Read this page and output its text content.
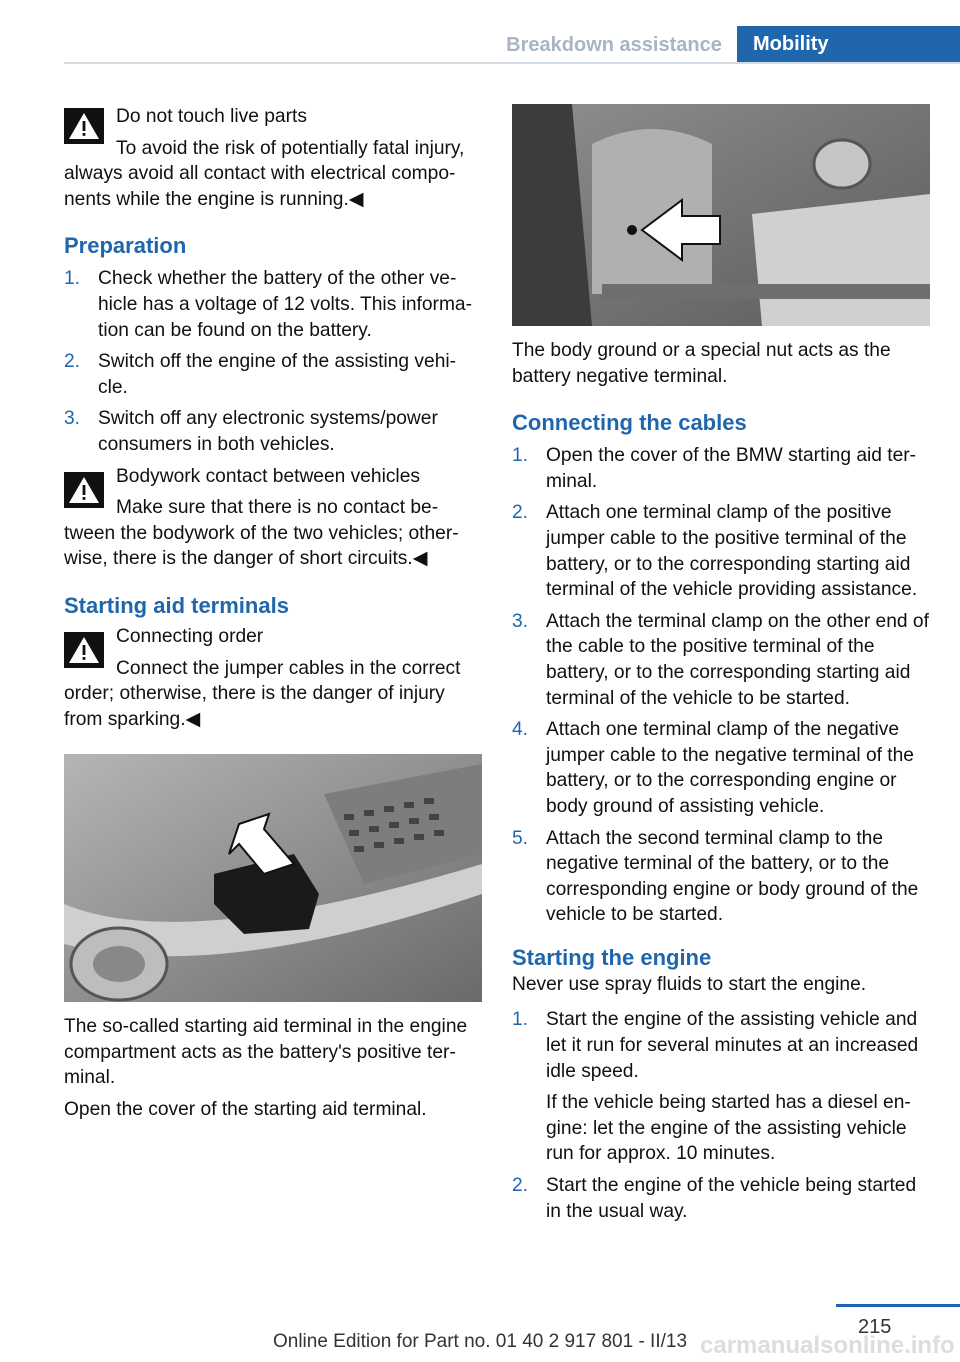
Breakdown assistance	Mobility

Do not touch live parts

To avoid the risk of potentially fatal injury, always avoid all contact with electrical compo- nents while the engine is running.◀

Preparation
1. Check whether the battery of the other ve- hicle has a voltage of 12 volts. This informa- tion can be found on the battery.
2. Switch off the engine of the assisting vehi- cle.
3. Switch off any electronic systems/power consumers in both vehicles.

Bodywork contact between vehicles

Make sure that there is no contact be- tween the bodywork of the two vehicles; other- wise, there is the danger of short circuits.◀

Starting aid terminals

Connecting order

Connect the jumper cables in the correct order; otherwise, there is the danger of injury from sparking.◀

The so-called starting aid terminal in the engine compartment acts as the battery's positive ter- minal.

Open the cover of the starting aid terminal.

The body ground or a special nut acts as the battery negative terminal.

Connecting the cables
1. Open the cover of the BMW starting aid ter- minal.
2. Attach one terminal clamp of the positive jumper cable to the positive terminal of the battery, or to the corresponding starting aid terminal of the vehicle providing assistance.
3. Attach the terminal clamp on the other end of the cable to the positive terminal of the battery, or to the corresponding starting aid terminal of the vehicle to be started.
4. Attach one terminal clamp of the negative jumper cable to the negative terminal of the battery, or to the corresponding engine or body ground of assisting vehicle.
5. Attach the second terminal clamp to the negative terminal of the battery, or to the corresponding engine or body ground of the vehicle to be started.
Starting the engine

Never use spray fluids to start the engine.

1. Start the engine of the assisting vehicle and let it run for several minutes at an increased idle speed.

If the vehicle being started has a diesel en- gine: let the engine of the assisting vehicle run for approx. 10 minutes.

2. Start the engine of the vehicle being started in the usual way.
215
Online Edition for Part no. 01 40 2 917 801 - II/13 carmanualsonline.info
